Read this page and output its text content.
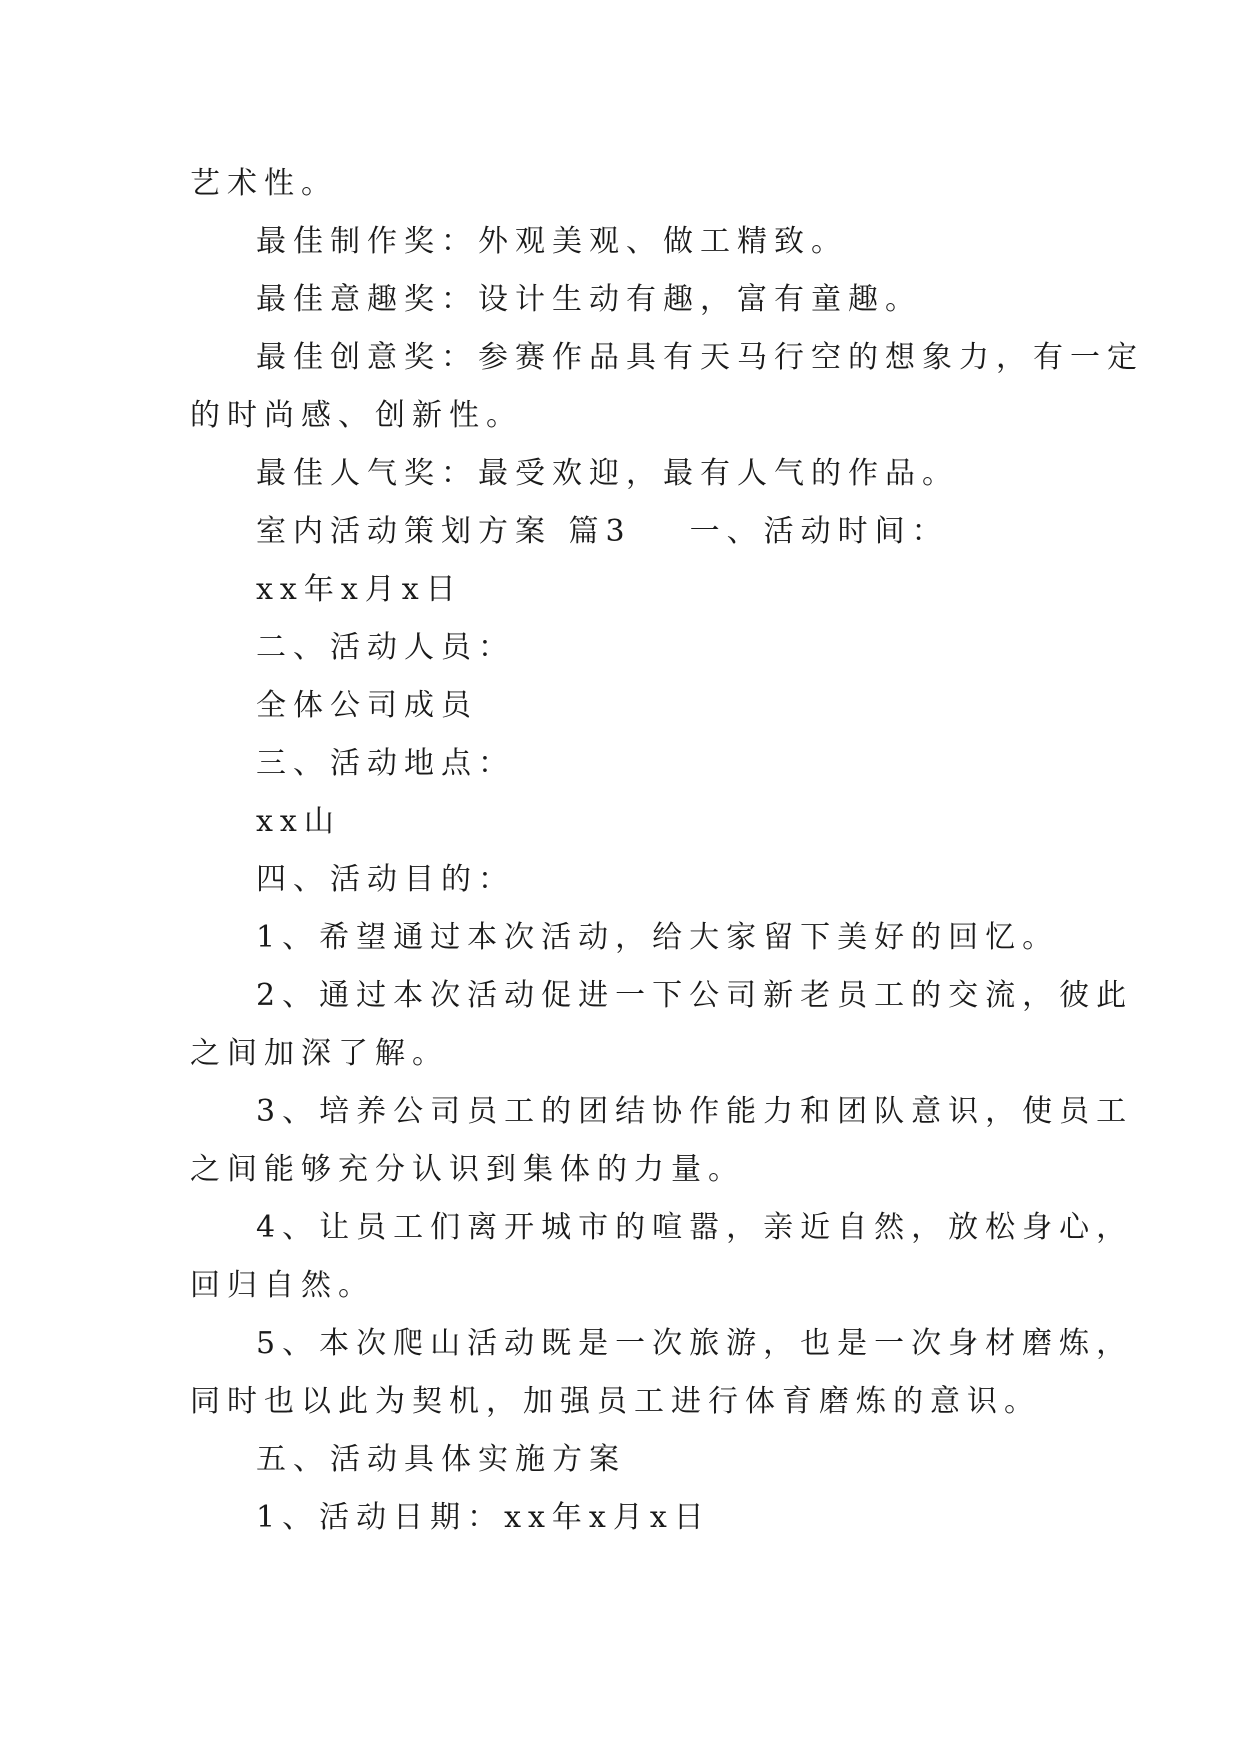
艺术性。
最佳制作奖：外观美观、做工精致。
最佳意趣奖：设计生动有趣，富有童趣。
最佳创意奖：参赛作品具有天马行空的想象力，有一定
的时尚感、创新性。
最佳人气奖：最受欢迎，最有人气的作品。
室内活动策划方案 篇3 一、活动时间：
xx年x月x日
二、活动人员：
全体公司成员
三、活动地点：
xx山
四、活动目的：
1、希望通过本次活动，给大家留下美好的回忆。
2、通过本次活动促进一下公司新老员工的交流，彼此
之间加深了解。
3、培养公司员工的团结协作能力和团队意识，使员工
之间能够充分认识到集体的力量。
4、让员工们离开城市的喧嚣，亲近自然，放松身心，
回归自然。
5、本次爬山活动既是一次旅游，也是一次身材磨炼，
同时也以此为契机，加强员工进行体育磨炼的意识。
五、活动具体实施方案
1、活动日期：xx年x月x日
